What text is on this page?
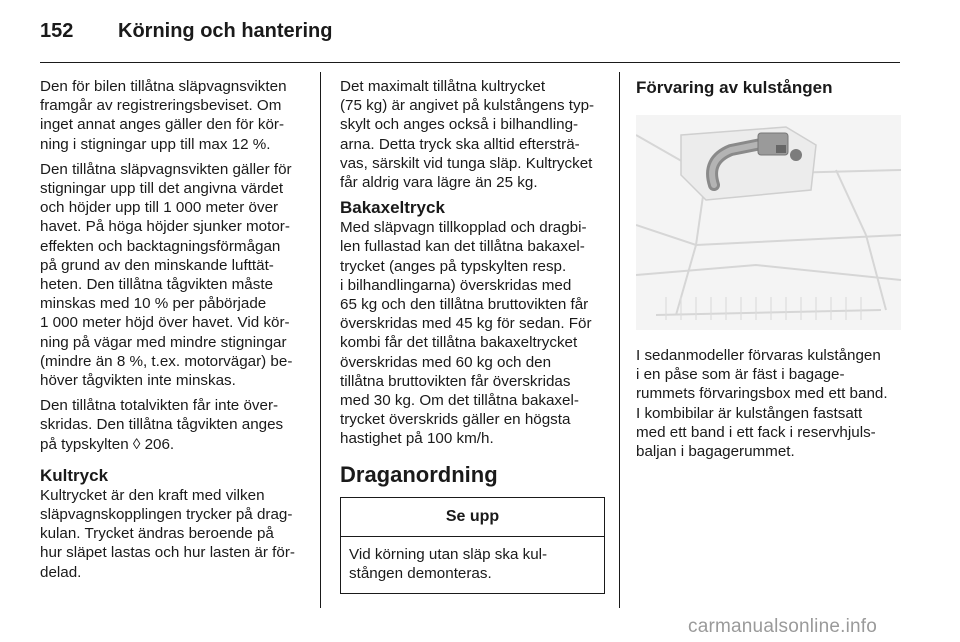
152 Körning och hantering

Den för bilen tillåtna släpvagnsvikten
framgår av registreringsbeviset. Om
inget annat anges gäller den för kör-
ning i stigningar upp till max 12 %.

Den tillåtna släpvagnsvikten gäller för
stigningar upp till det angivna värdet
och höjder upp till 1 000 meter över
havet. På höga höjder sjunker motor-
effekten och backtagningsförmågan
på grund av den minskande lufttät-
heten. Den tillåtna tågvikten måste
minskas med 10 % per påbörjade
1 000 meter höjd över havet. Vid kör-
ning på vägar med mindre stigningar
(mindre än 8 %, t.ex. motorvägar) be-
höver tågvikten inte minskas.

Den tillåtna totalvikten får inte över-
skridas. Den tillåtna tågvikten anges
på typskylten ◊ 206.

Kultryck

Kultrycket är den kraft med vilken
släpvagnskopplingen trycker på drag-
kulan. Trycket ändras beroende på
hur släpet lastas och hur lasten är för-
delad.

Det maximalt tillåtna kultrycket
(75 kg) är angivet på kulstångens typ-
skylt och anges också i bilhandling-
arna. Detta tryck ska alltid eftersträ-
vas, särskilt vid tunga släp. Kultrycket
får aldrig vara lägre än 25 kg.

Bakaxeltryck

Med släpvagn tillkopplad och dragbi-
len fullastad kan det tillåtna bakaxel-
trycket (anges på typskylten resp.
i bilhandlingarna) överskridas med
65 kg och den tillåtna bruttovikten får
överskridas med 45 kg för sedan. För
kombi får det tillåtna bakaxeltrycket
överskridas med 60 kg och den
tillåtna bruttovikten får överskridas
med 30 kg. Om det tillåtna bakaxel-
trycket överskrids gäller en högsta
hastighet på 100 km/h.

Draganordning
Se upp
Vid körning utan släp ska kul-
stången demonteras.
Förvaring av kulstången

I sedanmodeller förvaras kulstången
i en påse som är fäst i bagage-
rummets förvaringsbox med ett band.
I kombibilar är kulstången fastsatt
med ett band i ett fack i reservhjuls-
baljan i bagagerummet.

carmanualsonline.info
